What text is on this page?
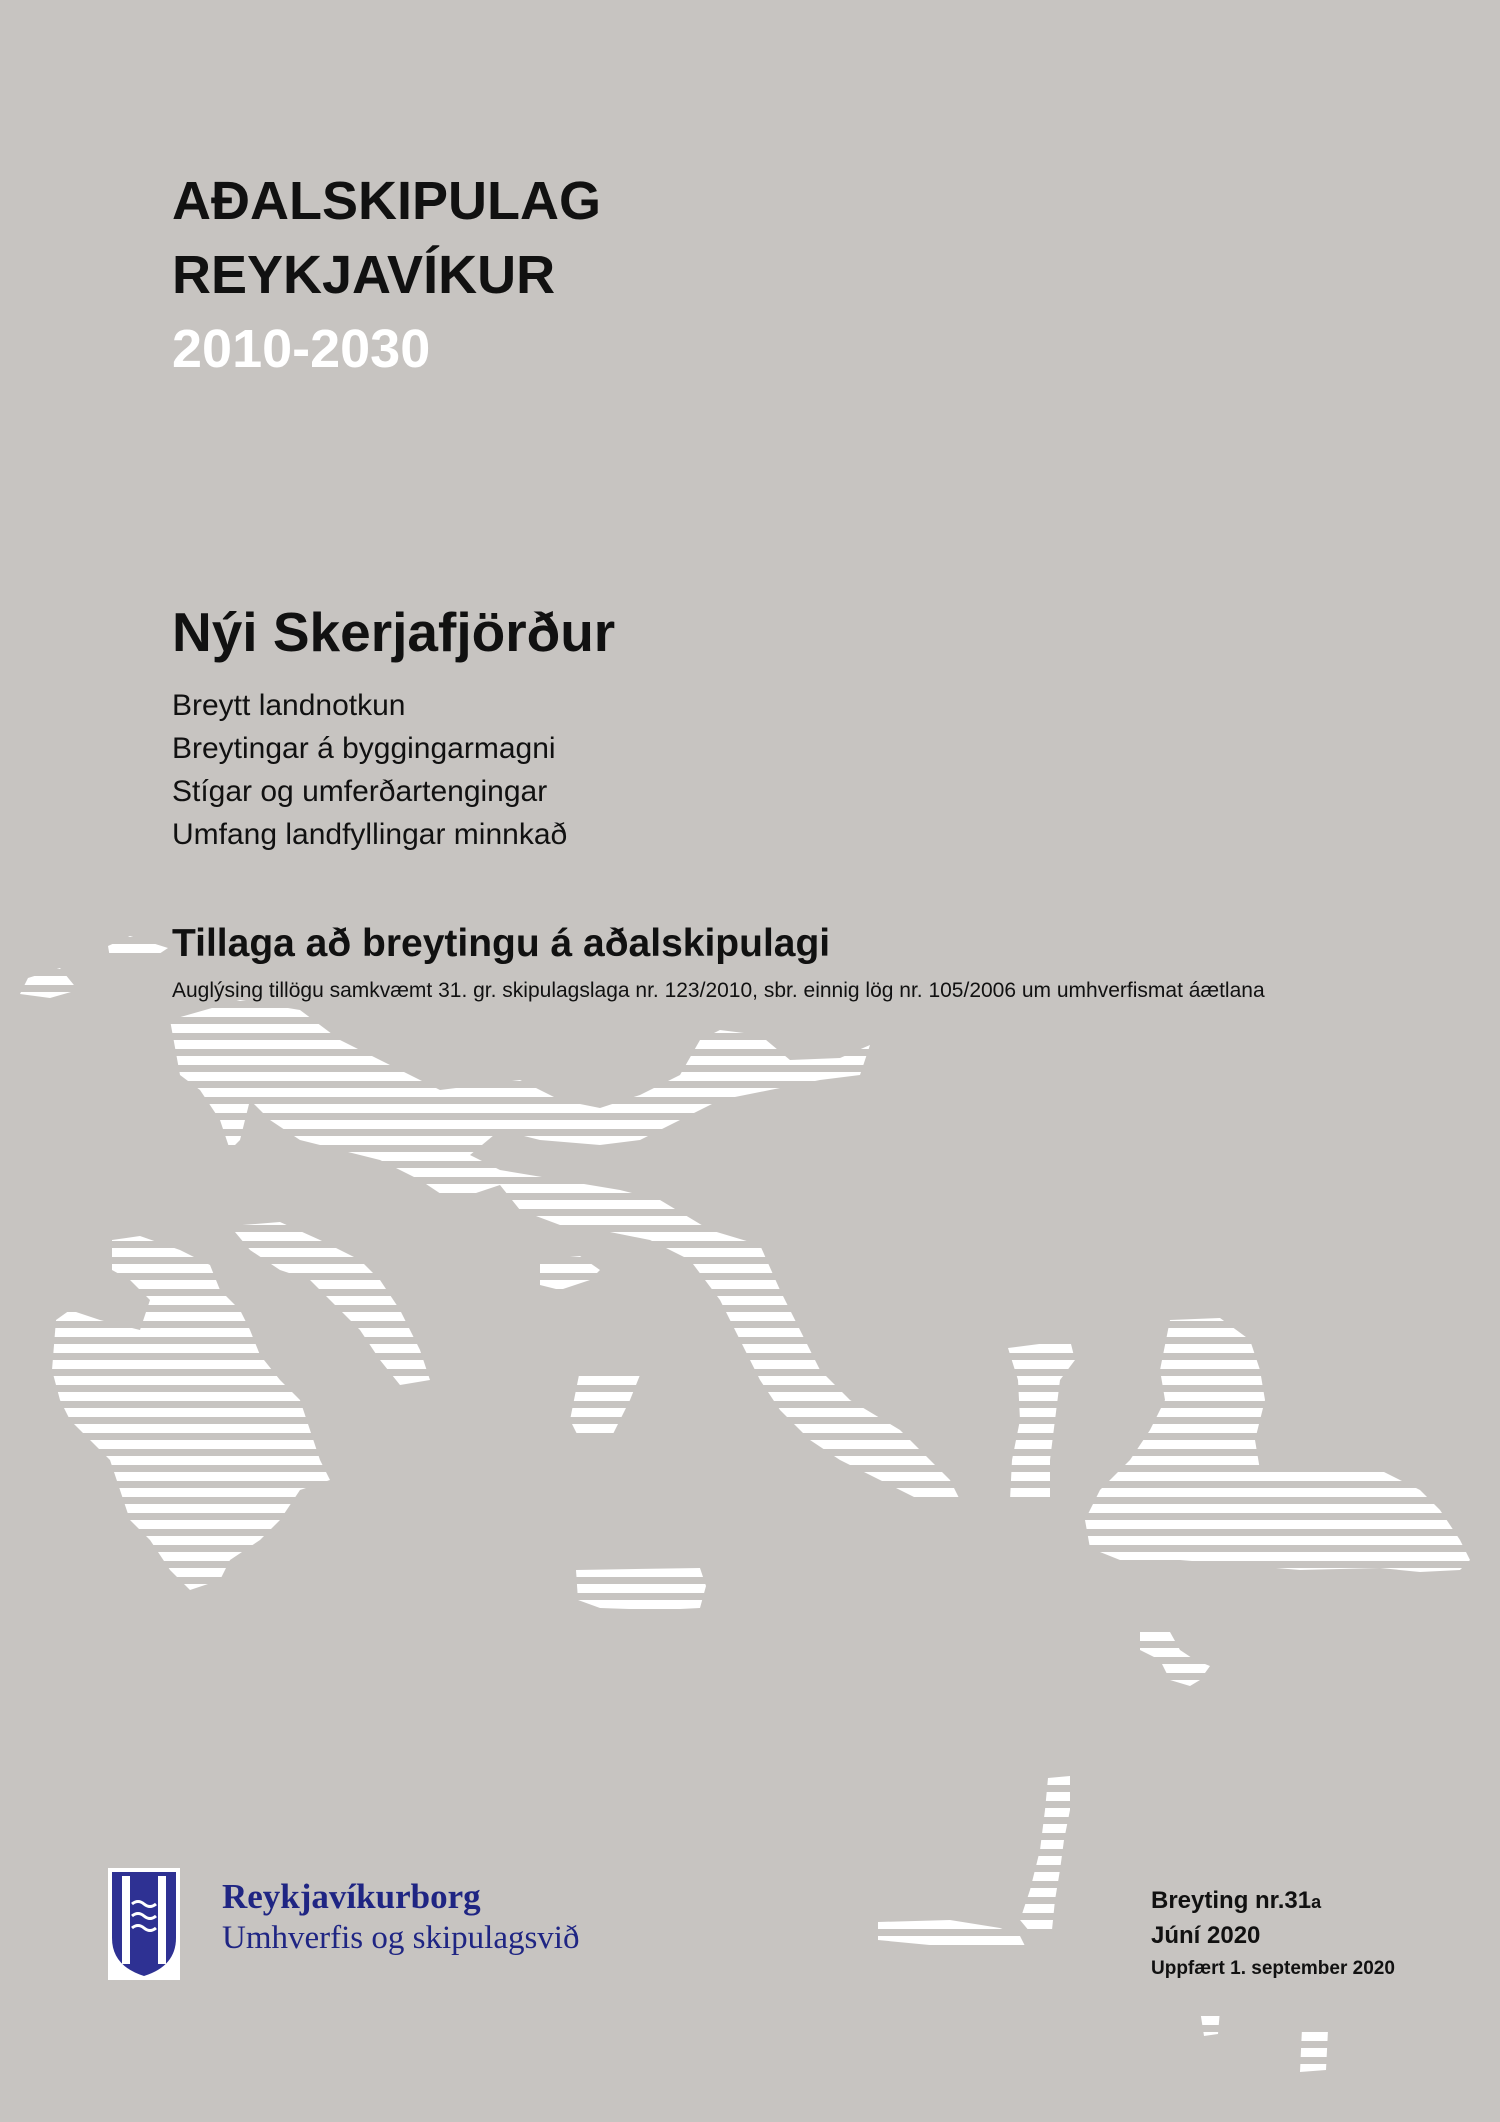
AÐALSKIPULAG
REYKJAVÍKUR
2010-2030
Nýi Skerjafjörður
Breytt landnotkun
Breytingar á byggingarmagni
Stígar og umferðartengingar
Umfang landfyllingar minnkað
Tillaga að breytingu á aðalskipulagi
Auglýsing tillögu samkvæmt 31. gr. skipulagslaga nr. 123/2010, sbr. einnig lög nr. 105/2006 um umhverfismat áætlana
Reykjavíkurborg
Umhverfis og skipulagsvið
Breyting nr.31a
Júní 2020
Uppfært 1. september 2020
